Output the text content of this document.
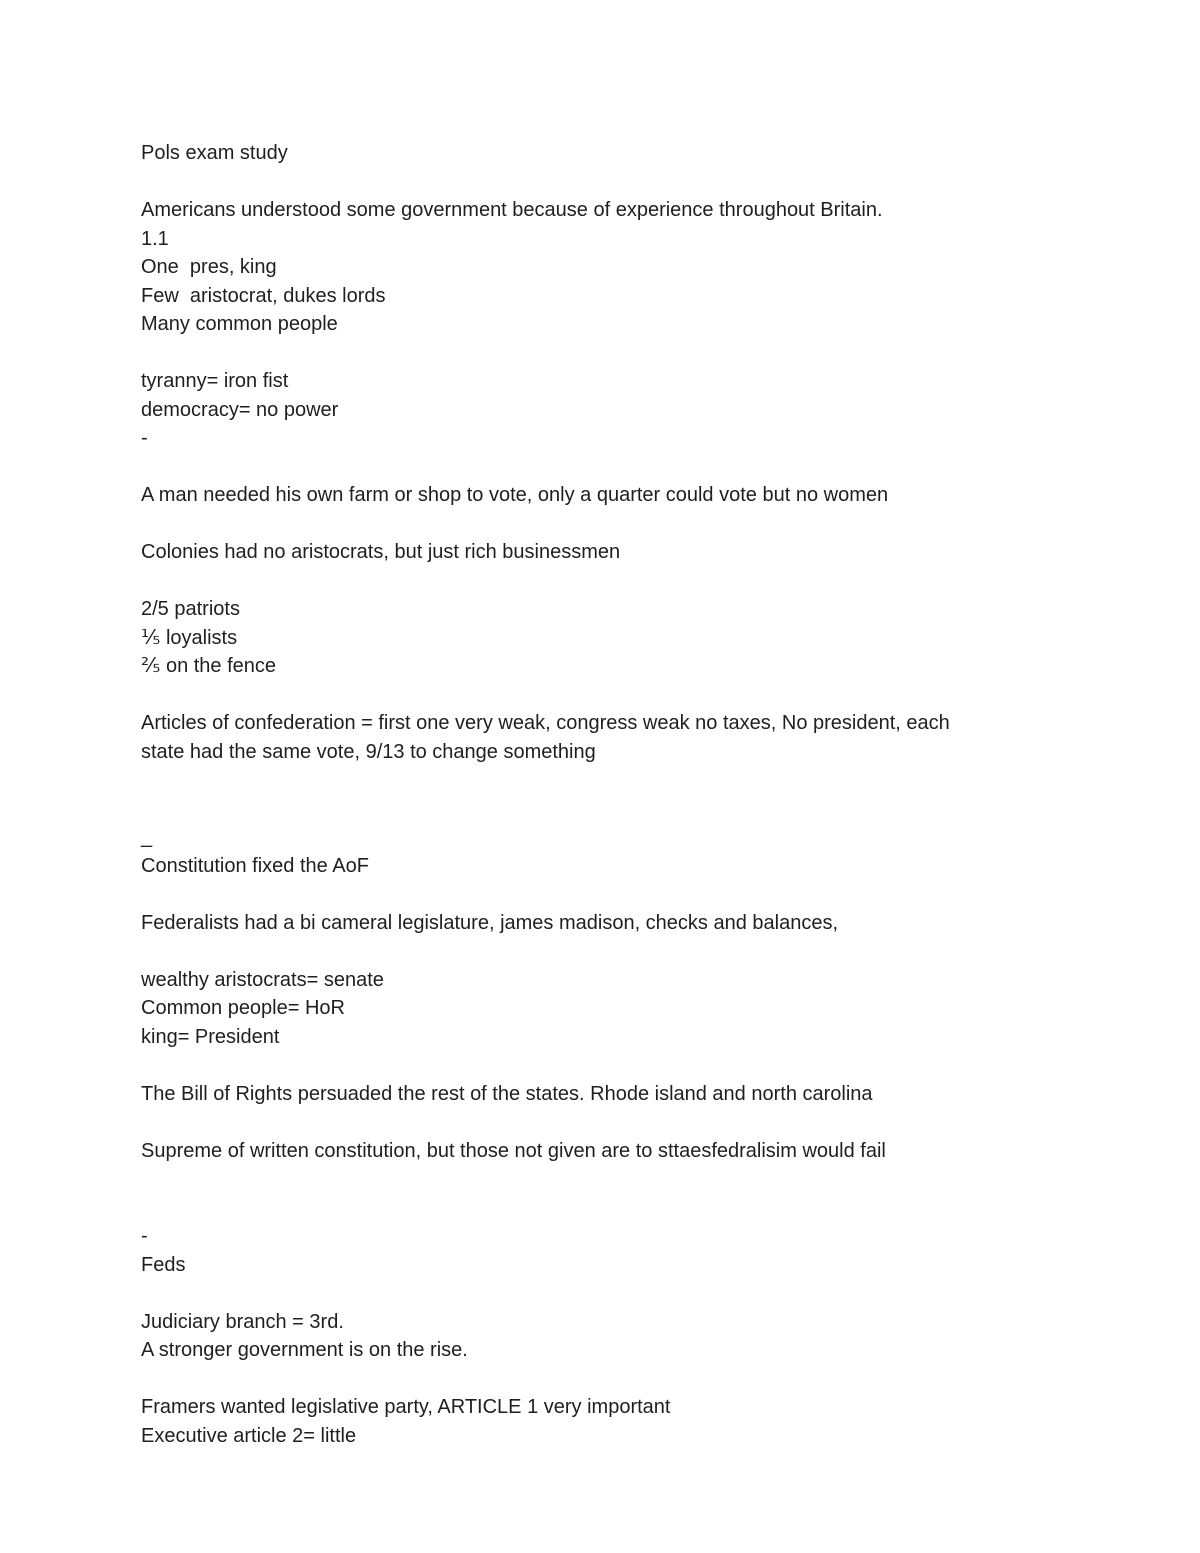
Pols exam study
Americans understood some government because of experience throughout Britain.
1.1
One  pres, king
Few  aristocrat, dukes lords
Many common people
tyranny= iron fist
democracy= no power
-
A man needed his own farm or shop to vote, only a quarter could vote but no women
Colonies had no aristocrats, but just rich businessmen
2/5 patriots
⅕ loyalists
⅖ on the fence
Articles of confederation = first one very weak, congress weak no taxes, No president, each
state had the same vote, 9/13 to change something
_
Constitution fixed the AoF
Federalists had a bi cameral legislature, james madison, checks and balances,
wealthy aristocrats= senate
Common people= HoR
king= President
The Bill of Rights persuaded the rest of the states. Rhode island and north carolina
Supreme of written constitution, but those not given are to sttaesfedralisim would fail
-
Feds
Judiciary branch = 3rd.
A stronger government is on the rise.
Framers wanted legislative party, ARTICLE 1 very important
Executive article 2= little
